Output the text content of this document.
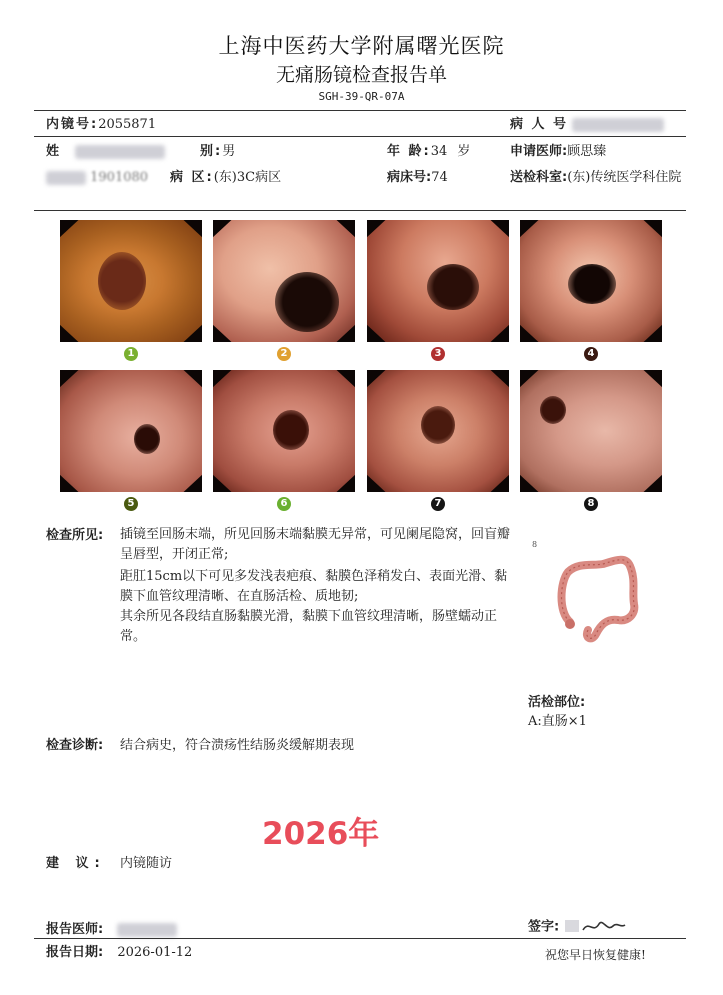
上海中医药大学附属曙光医院
无痛肠镜检查报告单
SGH-39-QR-07A
内镜号:2055871	病 人 号
姓	别:男	年 龄:34 岁	申请医师:顾思臻
1901080 病 区:(东)3C病区	病床号:74	送检科室:(东)传统医学科住院
1	2	3	4
5	6	7	8
检查所见: 插镜至回肠末端，所见回肠末端黏膜无异常，可见阑尾隐窝，回盲瓣呈唇型，开闭正常;
距肛15cm以下可见多发浅表疤痕、黏膜色泽稍发白、表面光滑、黏膜下血管纹理清晰、在直肠活检、质地韧;
其余所见各段结直肠黏膜光滑，黏膜下血管纹理清晰，肠壁蠕动正常。
8
活检部位:
A:直肠×1
检查诊断: 结合病史，符合溃疡性结肠炎缓解期表现
2026年
建 议: 内镜随访
报告医师:	签字:
报告日期: 2026-01-12	祝您早日恢复健康!
